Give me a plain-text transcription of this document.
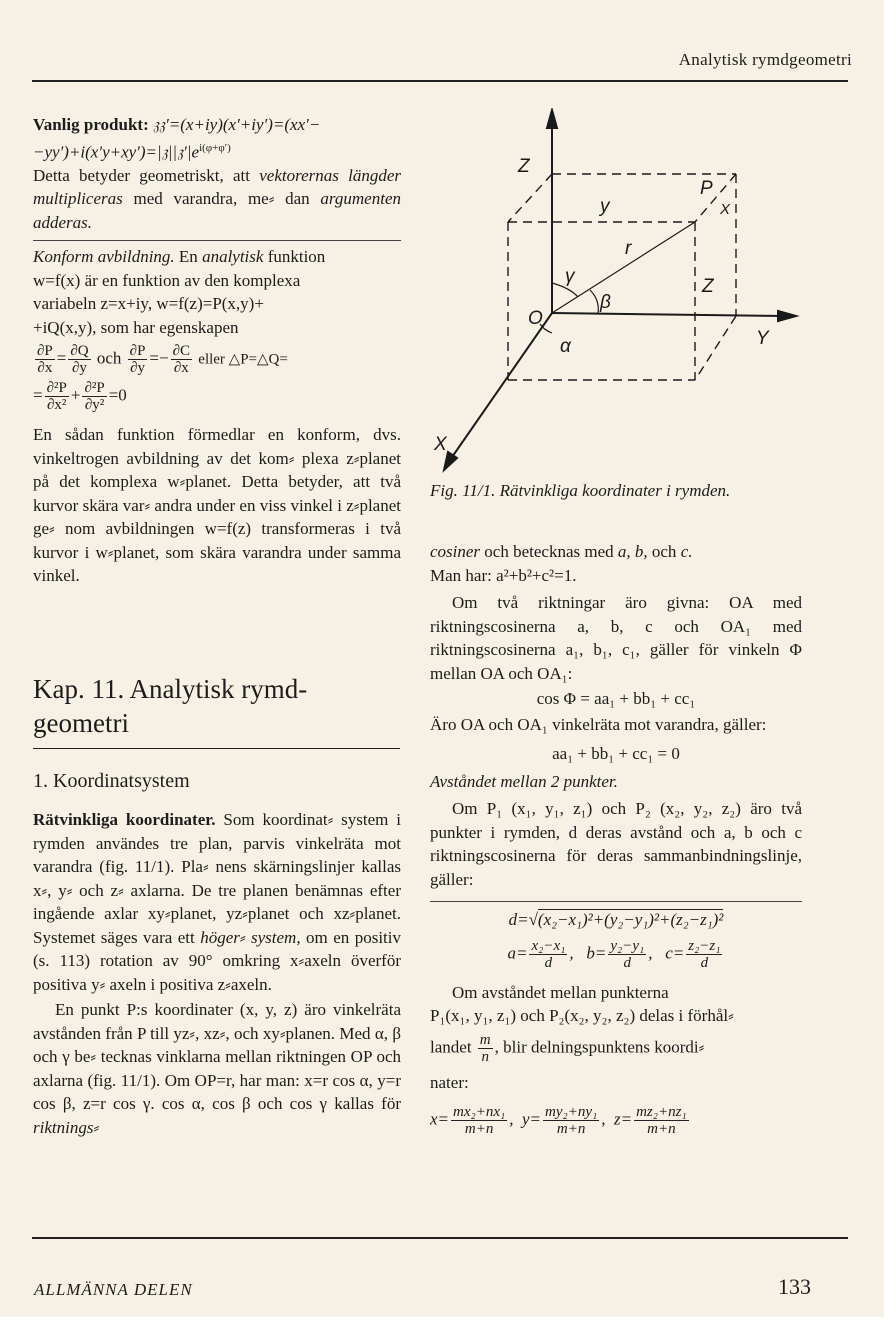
Analytisk rymdgeometri

Vanlig produkt: 𝔷𝔷′=(x+iy)(x′+iy′)=(xx′−

$-yy')+i(x'y+xy')=|𝔷||𝔷'|e^{i(\varphi+\varphi')}$

Detta betyder geometriskt, att vektorernas längder multipliceras med varandra, me⸗ dan argumenten adderas.

Konform avbildning. En analytisk funktion

w=f(x) är en funktion av den komplexa

variabeln z=x+iy, w=f(z)=P(x,y)+

+iQ(x,y), som har egenskapen

$\frac{\partial P}{\partial x} = \frac{\partial Q}{\partial y}$ och $\frac{\partial P}{\partial y} =- \frac{\partial C}{\partial x}$ eller △P=△Q=
= $\frac{\text{∂²P}}{\text{∂x²}} + \frac{\text{∂²P}}{\text{∂y²}} =0$

En sådan funktion förmedlar en konform, dvs. vinkeltrogen avbildning av det kom⸗ plexa z⸗planet på det komplexa w⸗planet. Detta betyder, att två kurvor skära var⸗ andra under en viss vinkel i z⸗planet ge⸗ nom avbildningen w=f(z) transformeras i två kurvor i w⸗planet, som skära varandra under samma vinkel.

Kap. 11. Analytisk rymd-
geometri
1. Koordinatsystem

Rätvinkliga koordinater. Som koordinat⸗ system i rymden användes tre plan, parvis vinkelräta mot varandra (fig. 11/1). Pla⸗ nens skärningslinjer kallas x⸗, y⸗ och z⸗ axlarna. De tre planen benämnas efter ingående axlar xy⸗planet, yz⸗planet och xz⸗planet. Systemet säges vara ett höger⸗ system, om en positiv (s. 113) rotation av 90° omkring x⸗axeln överför positiva y⸗ axeln i positiva z⸗axeln.

En punkt P:s koordinater (x, y, z) äro vinkelräta avstånden från P till yz⸗, xz⸗, och xy⸗planen. Med α, β och γ be⸗ tecknas vinklarna mellan riktningen OP och axlarna (fig. 11/1). Om OP=r, har man: x=r cos α, y=r cos β, z=r cos γ. cos α, cos β och cos γ kallas för riktnings⸗

Z
y
P
X
r
γ
β
Z
O
α	Y
X
Fig. 11/1. Rätvinkliga koordinater i rymden.

cosiner och betecknas med a, b, och c.

Man har: a²+b²+c²=1.

Om två riktningar äro givna: OA med riktningscosinerna a, b, c och OA₁ med riktningscosinerna a₁, b₁, c₁, gäller för vinkeln Φ mellan OA och OA₁:

cos Φ = aa₁ + bb₁ + cc₁

Äro OA och OA₁ vinkelräta mot varandra, gäller:

aa₁ + bb₁ + cc₁ = 0

Avståndet mellan 2 punkter.

Om P₁ (x₁, y₁, z₁) och P₂ (x₂, y₂, z₂) äro två punkter i rymden, d deras avstånd och a, b och c riktningscosinerna för deras sammanbindningslinje, gäller:

d=√(x₂−x₁)²+(y₂−y₁)²+(z₂−z₁)²

$a= \frac{\text{x₂−x₁}}{d}$ ,   $b= \frac{\text{y₂−y₁}}{d}$ ,   $c= \frac{\text{z₂−z₁}}{d}$

Om avståndet mellan punkterna

P₁(x₁, y₁, z₁) och P₂(x₂, y₂, z₂) delas i förhål⸗

landet $\frac{m}{n}$ , blir delningspunktens koordi⸗

nater:

$x= \frac{\text{mx₂+nx₁}}{m+n}$ ,  $y= \frac{\text{my₂+ny₁}}{m+n}$ ,  $z= \frac{\text{mz₂+nz₁}}{m+n}$
ALLMÄNNA DELEN	133
